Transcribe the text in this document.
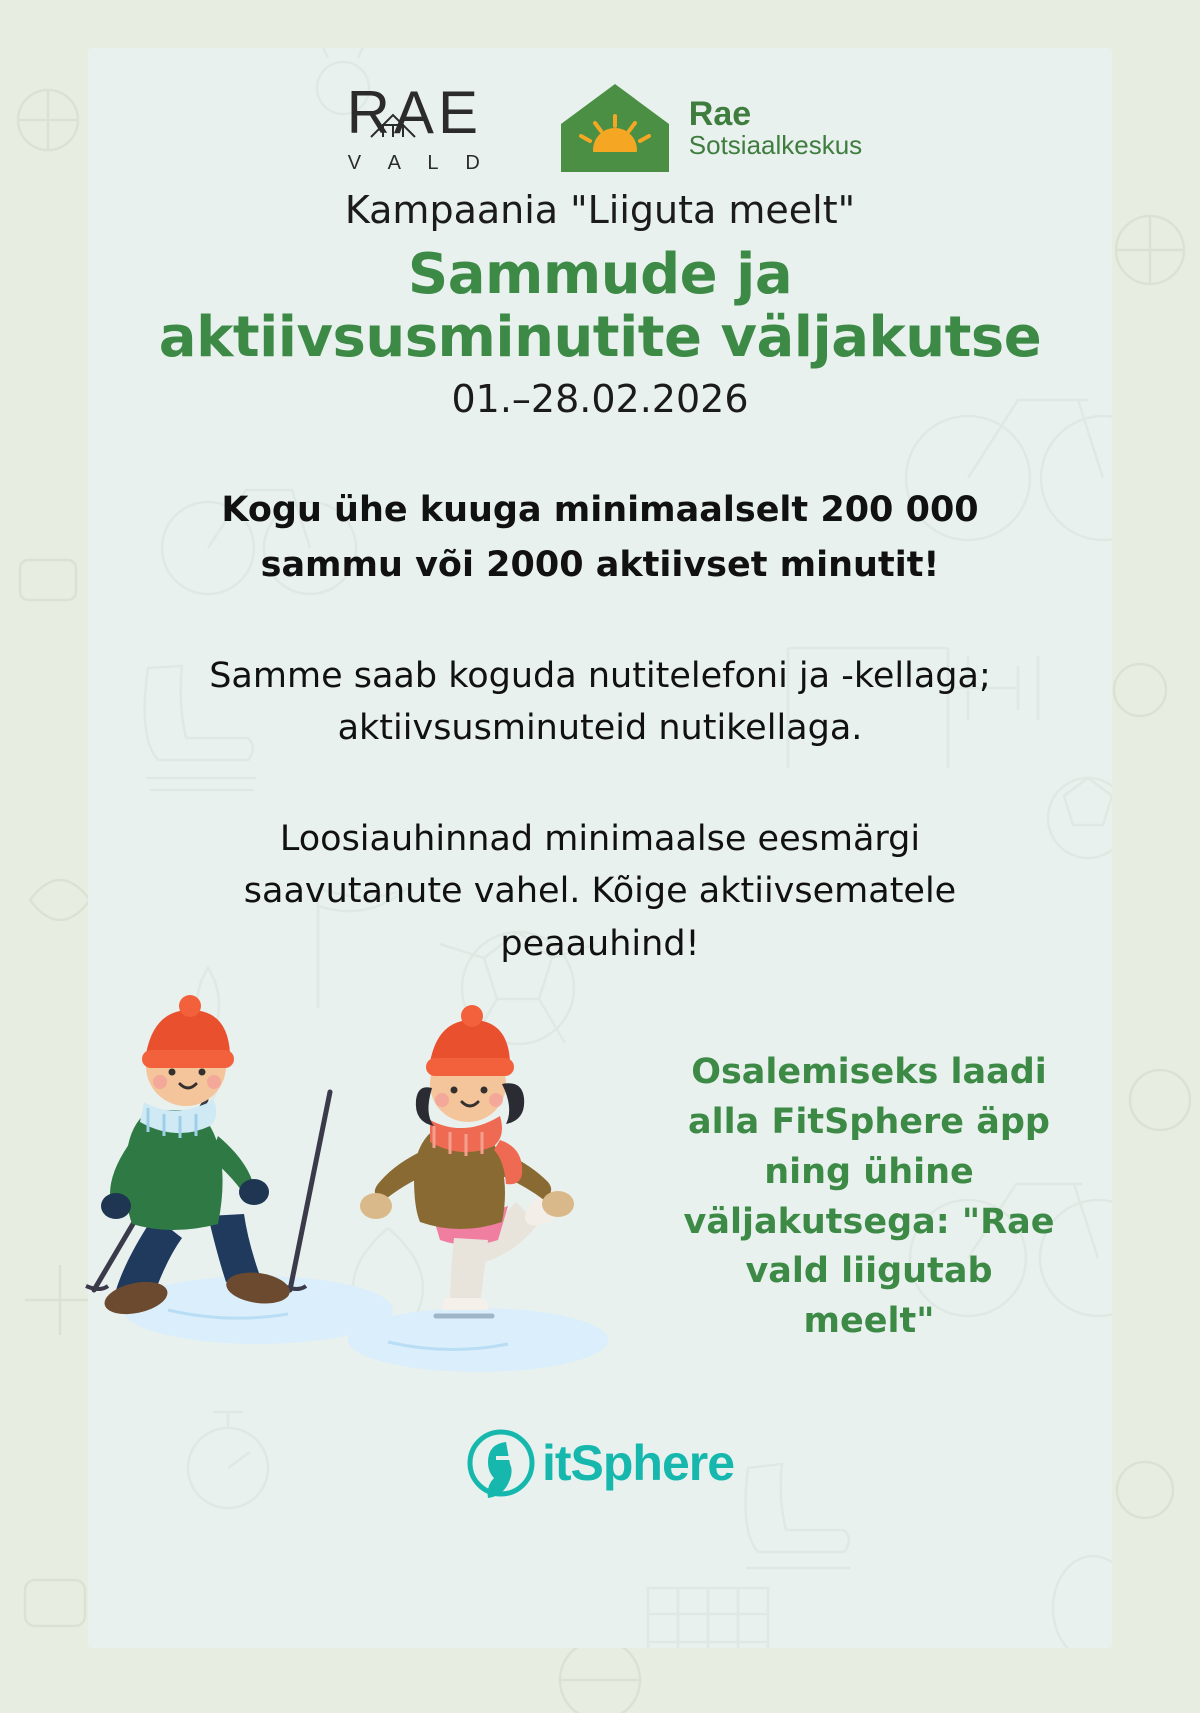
RAE
V A L D
Rae
Sotsiaalkeskus
Kampaania "Liiguta meelt"
Sammude ja aktiivsusminutite väljakutse
01.–28.02.2026
Kogu ühe kuuga minimaalselt 200 000 sammu või 2000 aktiivset minutit!
Samme saab koguda nutitelefoni ja -kellaga; aktiivsusminuteid nutikellaga.
Loosiauhinnad minimaalse eesmärgi saavutanute vahel. Kõige aktiivsematele peaauhind!
Osalemiseks laadi alla FitSphere äpp ning ühine väljakutsega: "Rae vald liigutab meelt"
itSphere
